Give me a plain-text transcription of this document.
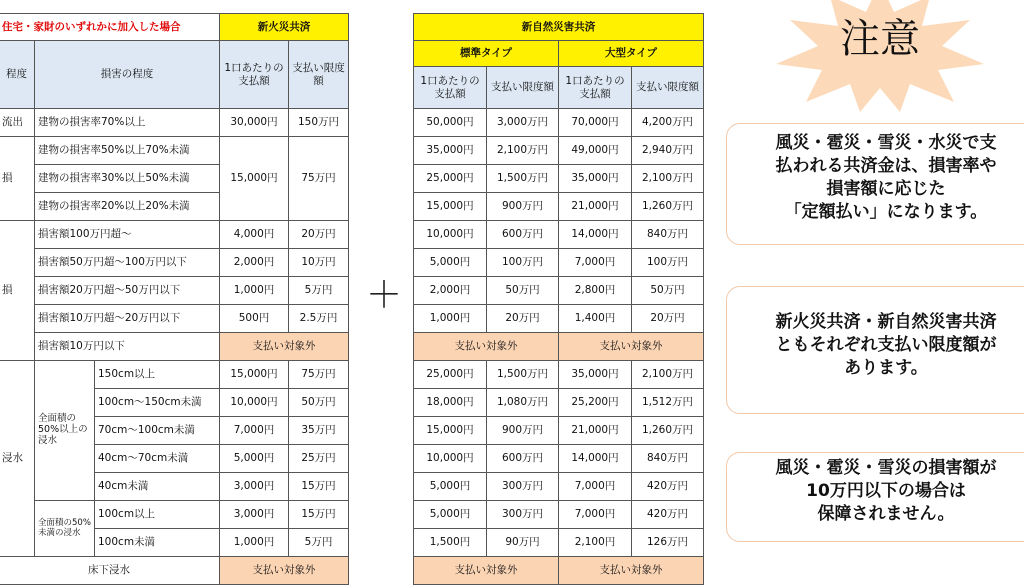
住宅・家財のいずれかに加入した場合			新火災共済	
程度	損害の程度		1口あたりの支払額	支払い限度額
流出	建物の損害率70%以上		30,000円	150万円
損	建物の損害率50%以上70%未満		15,000円	75万円
	建物の損害率30%以上50%未満			
	建物の損害率20%以上20%未満			
損	損害額100万円超～		4,000円	20万円
	損害額50万円超～100万円以下		2,000円	10万円
	損害額20万円超～50万円以下		1,000円	5万円
	損害額10万円超～20万円以下		500円	2.5万円
	損害額10万円以下		支払い対象外	
浸水	全面積の50%以上の浸水	150cm以上	15,000円	75万円
		100cm～150cm未満	10,000円	50万円
		70cm～100cm未満	7,000円	35万円
		40cm～70cm未満	5,000円	25万円
		40cm未満	3,000円	15万円
	全面積の50%未満の浸水	100cm以上	3,000円	15万円
		100cm未満	1,000円	5万円
床下浸水			支払い対象外	
＋
新自然災害共済			
標準タイプ		大型タイプ	
1口あたりの支払額	支払い限度額	1口あたりの支払額	支払い限度額
50,000円	3,000万円	70,000円	4,200万円
35,000円	2,100万円	49,000円	2,940万円
25,000円	1,500万円	35,000円	2,100万円
15,000円	900万円	21,000円	1,260万円
10,000円	600万円	14,000円	840万円
5,000円	100万円	7,000円	100万円
2,000円	50万円	2,800円	50万円
1,000円	20万円	1,400円	20万円
支払い対象外		支払い対象外	
25,000円	1,500万円	35,000円	2,100万円
18,000円	1,080万円	25,200円	1,512万円
15,000円	900万円	21,000円	1,260万円
10,000円	600万円	14,000円	840万円
5,000円	300万円	7,000円	420万円
5,000円	300万円	7,000円	420万円
1,500円	90万円	2,100円	126万円
支払い対象外		支払い対象外	
注意
風災・雹災・雪災・水災で支
払われる共済金は、損害率や
損害額に応じた
「定額払い」になります。
新火災共済・新自然災害共済
ともそれぞれ支払い限度額が
あります。
風災・雹災・雪災の損害額が
10万円以下の場合は
保障されません。
